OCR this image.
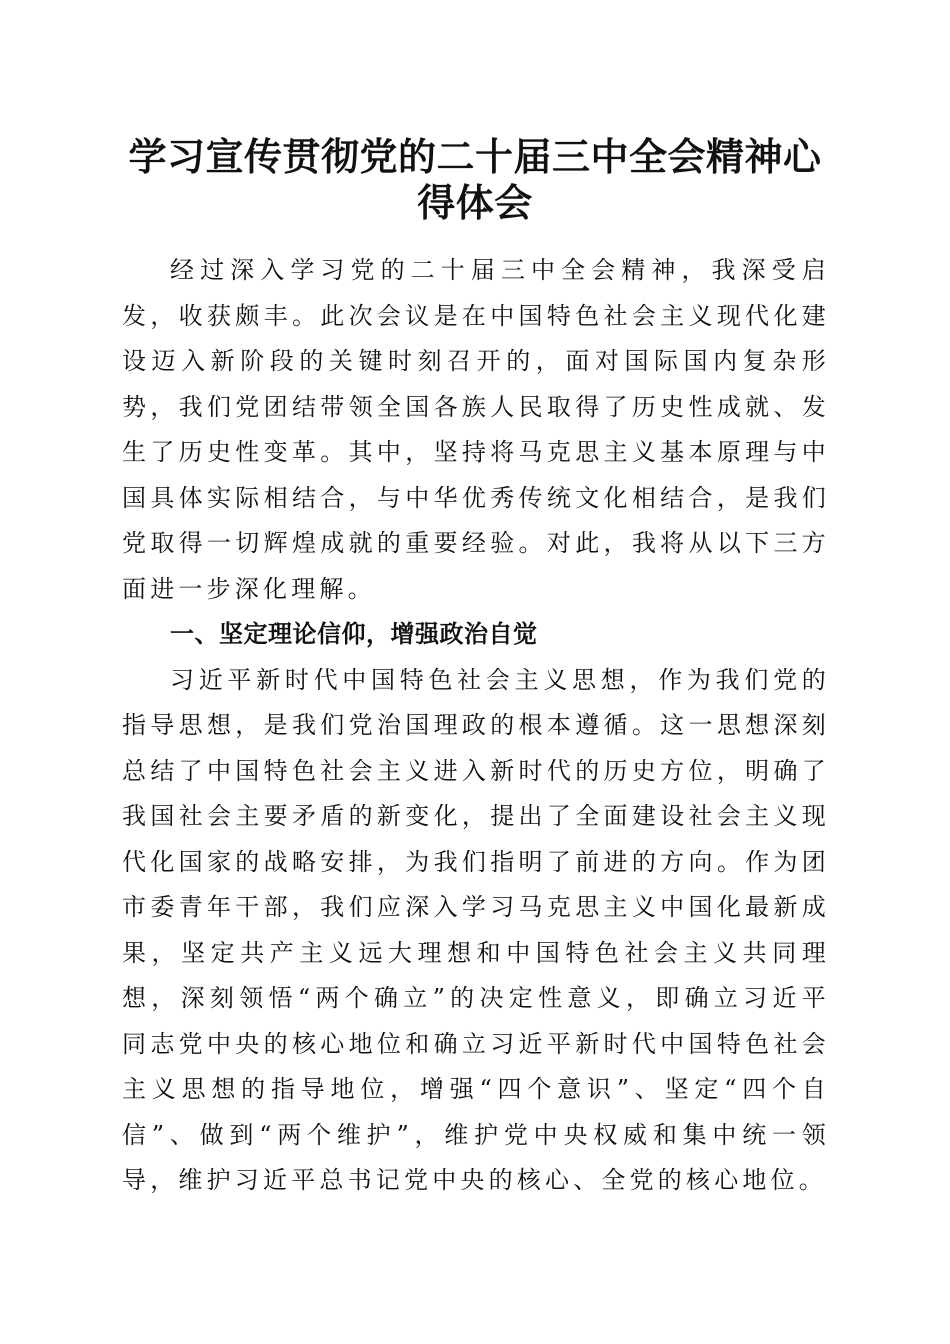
学习宣传贯彻党的二十届三中全会精神心得体会

经过深入学习党的二十届三中全会精神，我深受启发，收获颇丰。此次会议是在中国特色社会主义现代化建设迈入新阶段的关键时刻召开的，面对国际国内复杂形势，我们党团结带领全国各族人民取得了历史性成就、发生了历史性变革。其中，坚持将马克思主义基本原理与中国具体实际相结合，与中华优秀传统文化相结合，是我们党取得一切辉煌成就的重要经验。对此，我将从以下三方面进一步深化理解。

一、坚定理论信仰，增强政治自觉

习近平新时代中国特色社会主义思想，作为我们党的指导思想，是我们党治国理政的根本遵循。这一思想深刻总结了中国特色社会主义进入新时代的历史方位，明确了我国社会主要矛盾的新变化，提出了全面建设社会主义现代化国家的战略安排，为我们指明了前进的方向。作为团市委青年干部，我们应深入学习马克思主义中国化最新成果，坚定共产主义远大理想和中国特色社会主义共同理想，深刻领悟“两个确立”的决定性意义，即确立习近平同志党中央的核心地位和确立习近平新时代中国特色社会主义思想的指导地位，增强“四个意识”、坚定“四个自信”、做到“两个维护”，维护党中央权威和集中统一领导，维护习近平总书记党中央的核心、全党的核心地位。
